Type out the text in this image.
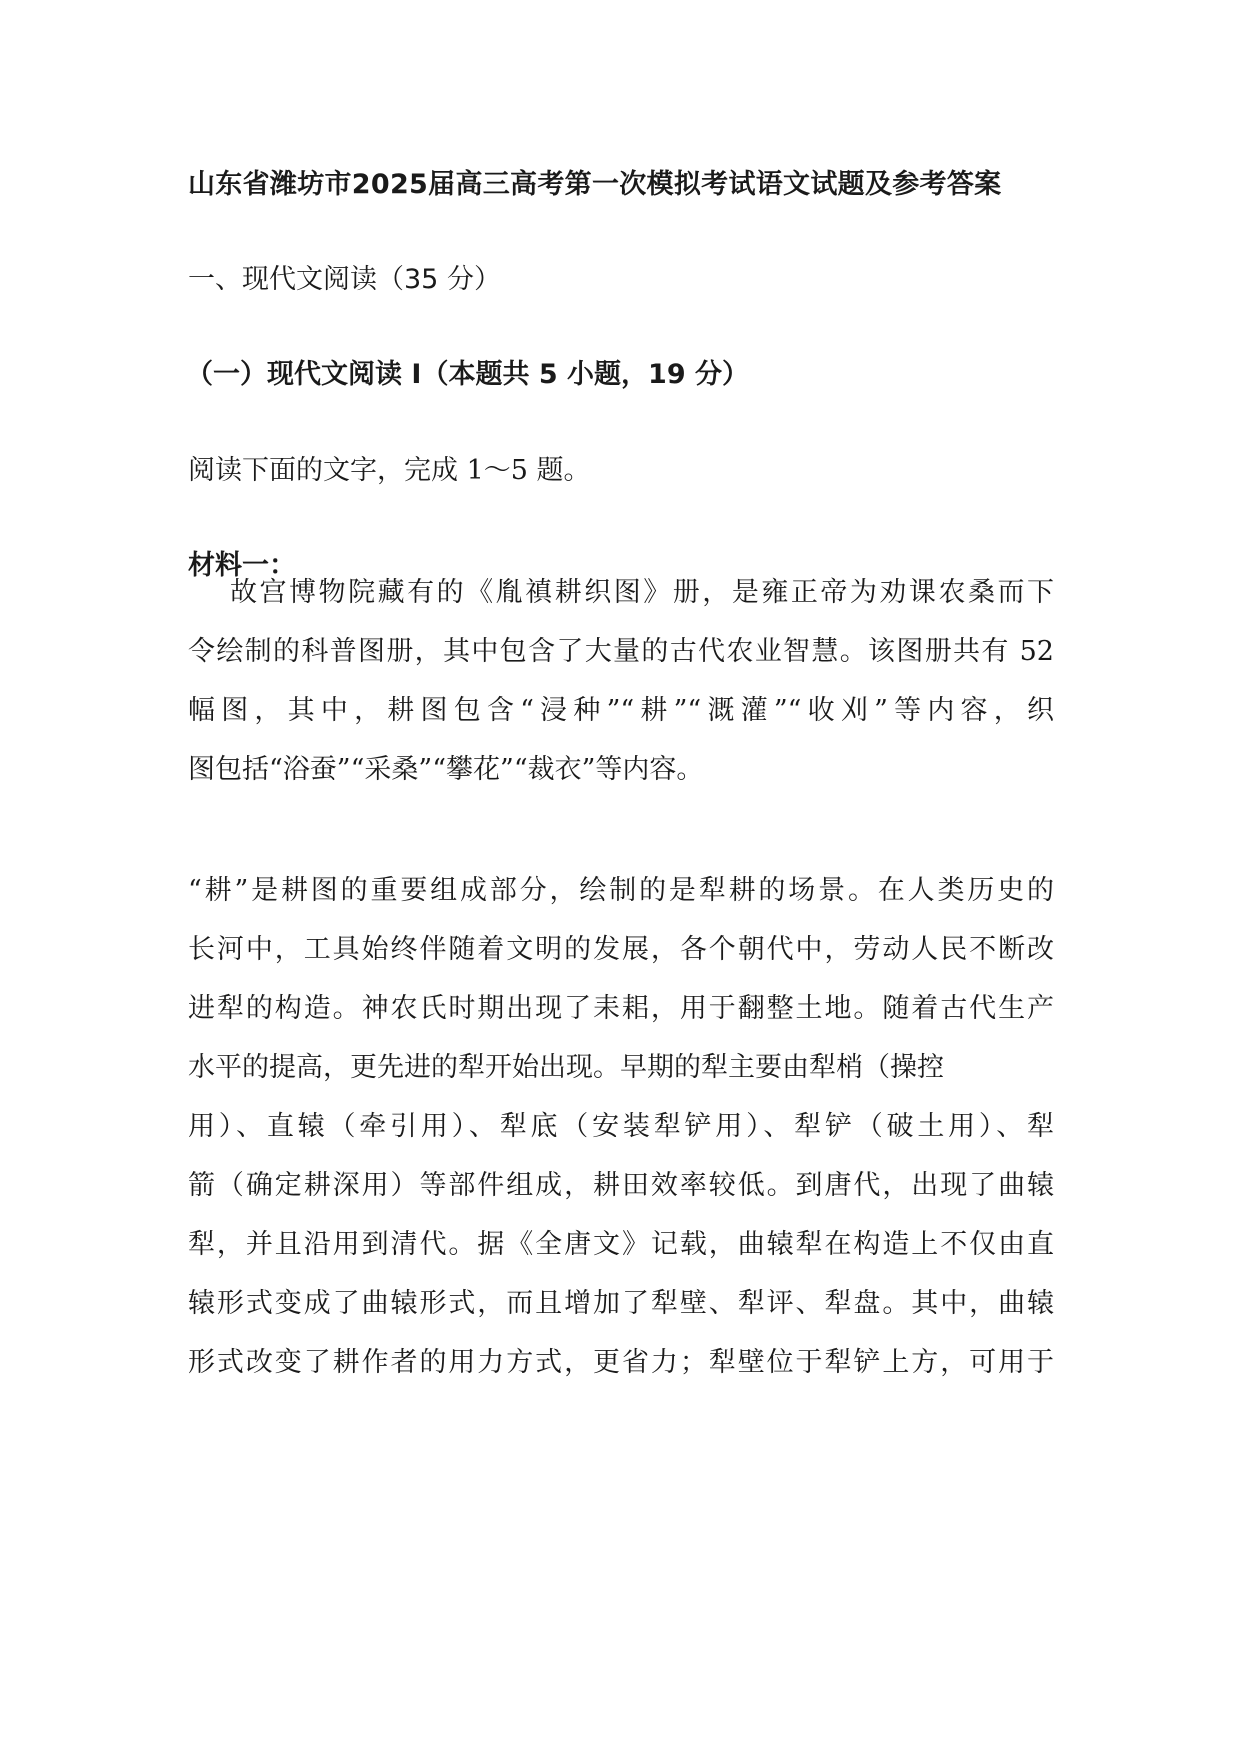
山东省潍坊市2025届高三高考第一次模拟考试语文试题及参考答案
一、现代文阅读（35 分）
（一）现代文阅读 I（本题共 5 小题，19 分）

阅读下面的文字，完成 1～5 题。

材料一：

故宫博物院藏有的《胤禛耕织图》册，是雍正帝为劝课农桑而下
令绘制的科普图册，其中包含了大量的古代农业智慧。该图册共有 52
幅图，其中，耕图包含“浸种”“耕”“溉灌”“收刈”等内容，织
图包括“浴蚕”“采桑”“攀花”“裁衣”等内容。
“耕”是耕图的重要组成部分，绘制的是犁耕的场景。在人类历史的
长河中，工具始终伴随着文明的发展，各个朝代中，劳动人民不断改
进犁的构造。神农氏时期出现了耒耜，用于翻整土地。随着古代生产
水平的提高，更先进的犁开始出现。早期的犁主要由犁梢（操控
用）、直辕（牵引用）、犁底（安装犁铲用）、犁铲（破土用）、犁
箭（确定耕深用）等部件组成，耕田效率较低。到唐代，出现了曲辕
犁，并且沿用到清代。据《全唐文》记载，曲辕犁在构造上不仅由直
辕形式变成了曲辕形式，而且增加了犁壁、犁评、犁盘。其中，曲辕
形式改变了耕作者的用力方式，更省力；犁壁位于犁铲上方，可用于
